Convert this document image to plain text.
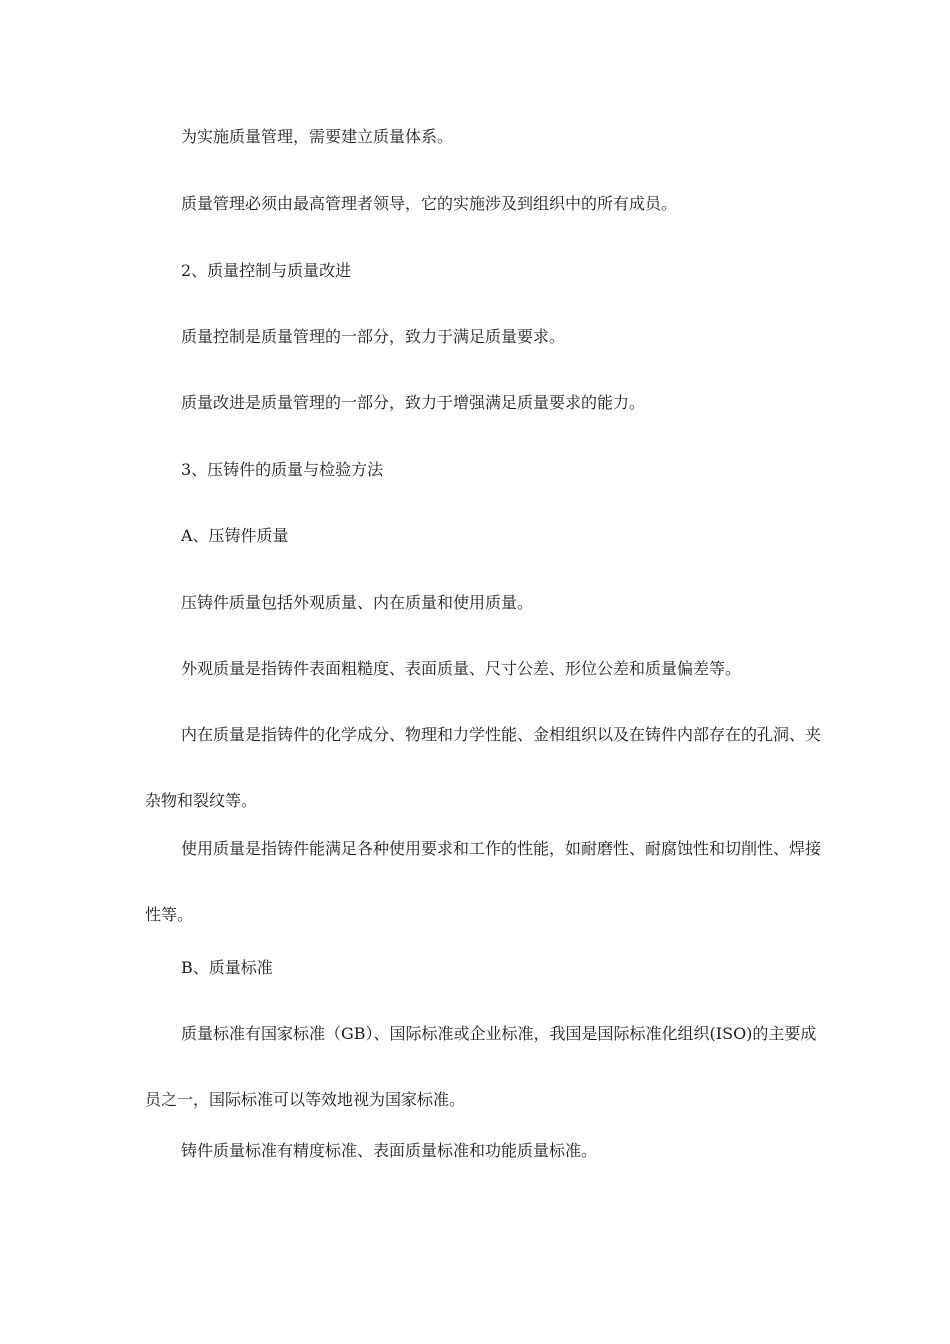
为实施质量管理，需要建立质量体系。

质量管理必须由最高管理者领导，它的实施涉及到组织中的所有成员。

2、质量控制与质量改进

质量控制是质量管理的一部分，致力于满足质量要求。

质量改进是质量管理的一部分，致力于增强满足质量要求的能力。

3、压铸件的质量与检验方法

A、压铸件质量

压铸件质量包括外观质量、内在质量和使用质量。

外观质量是指铸件表面粗糙度、表面质量、尺寸公差、形位公差和质量偏差等。

内在质量是指铸件的化学成分、物理和力学性能、金相组织以及在铸件内部存在的孔洞、夹杂物和裂纹等。

使用质量是指铸件能满足各种使用要求和工作的性能，如耐磨性、耐腐蚀性和切削性、焊接性等。

B、质量标准

质量标准有国家标准（GB）、国际标准或企业标准，我国是国际标准化组织(ISO)的主要成员之一，国际标准可以等效地视为国家标准。

铸件质量标准有精度标准、表面质量标准和功能质量标准。
